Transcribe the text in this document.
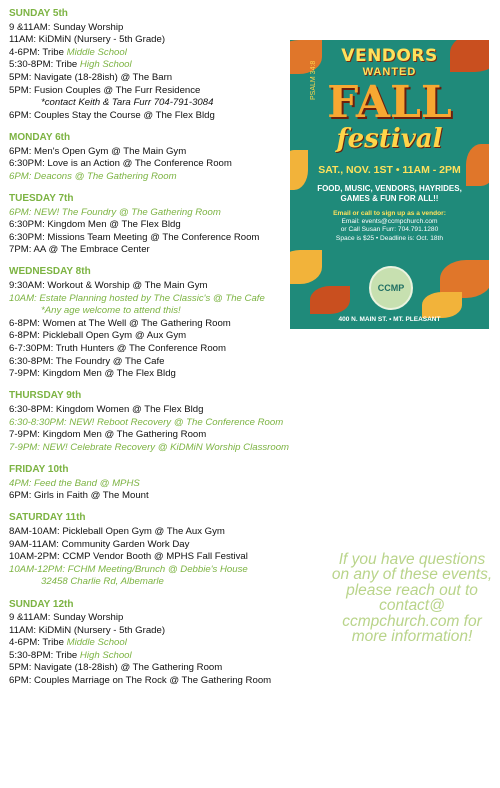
SUNDAY 5th
9 &11AM: Sunday Worship
11AM: KiDMiN (Nursery - 5th Grade)
4-6PM: Tribe Middle School
5:30-8PM: Tribe High School
5PM: Navigate (18-28ish) @ The Barn
5PM: Fusion Couples @ The Furr Residence
*contact Keith & Tara Furr 704-791-3084
6PM: Couples Stay the Course @ The Flex Bldg
MONDAY 6th
6PM: Men's Open Gym @ The Main Gym
6:30PM: Love is an Action @ The Conference Room
6PM: Deacons @ The Gathering Room
TUESDAY 7th
6PM: NEW! The Foundry @ The Gathering Room
6:30PM: Kingdom Men @ The Flex Bldg
6:30PM: Missions Team Meeting @ The Conference Room
7PM: AA @ The Embrace Center
WEDNESDAY 8th
9:30AM: Workout & Worship @ The Main Gym
10AM: Estate Planning hosted by The Classic's @ The Cafe
*Any age welcome to attend this!
6-8PM: Women at The Well @ The Gathering Room
6-8PM: Pickleball Open Gym @ Aux Gym
6-7:30PM: Truth Hunters @ The Conference Room
6:30-8PM: The Foundry @ The Cafe
7-9PM: Kingdom Men @ The Flex Bldg
THURSDAY 9th
6:30-8PM: Kingdom Women @ The Flex Bldg
6:30-8:30PM: NEW! Reboot Recovery @ The Conference Room
7-9PM: Kingdom Men @ The Gathering Room
7-9PM: NEW! Celebrate Recovery @ KiDMiN Worship Classroom
FRIDAY 10th
4PM: Feed the Band @ MPHS
6PM: Girls in Faith @ The Mount
SATURDAY 11th
8AM-10AM: Pickleball Open Gym @ The Aux Gym
9AM-11AM: Community Garden Work Day
10AM-2PM: CCMP Vendor Booth @ MPHS Fall Festival
10AM-12PM: FCHM Meeting/Brunch @ Debbie's House
32458 Charlie Rd, Albemarle
SUNDAY 12th
9 &11AM: Sunday Worship
11AM: KiDMiN (Nursery - 5th Grade)
4-6PM: Tribe Middle School
5:30-8PM: Tribe High School
5PM: Navigate (18-28ish) @ The Gathering Room
6PM: Couples Marriage on The Rock @ The Gathering Room
VENDORS
WANTED
PSALM 34:8 FALL
festival
SAT., NOV. 1ST • 11AM - 2PM
FOOD, MUSIC, VENDORS, HAYRIDES, GAMES & FUN FOR ALL!!
Email or call to sign up as a vendor:
Email: events@ccmpchurch.com
or Call Susan Furr: 704.791.1280
Space is $25 • Deadline is: Oct. 18th
CCMP
400 N. MAIN ST. • MT. PLEASANT
If you have questions on any of these events, please reach out to contact@ ccmpchurch.com for more information!
